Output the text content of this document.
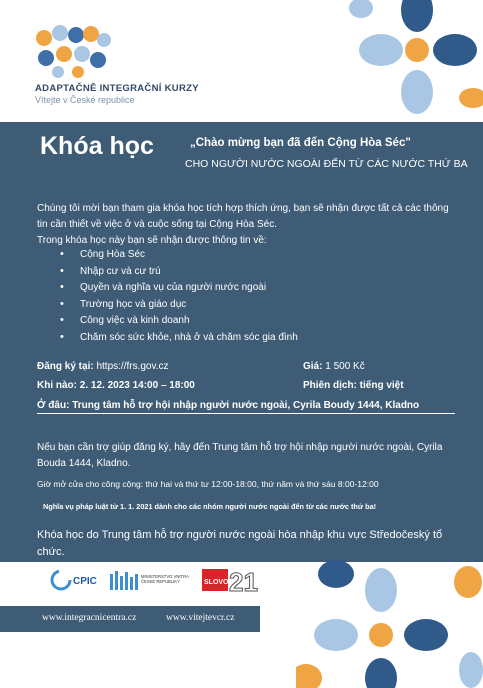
ADAPTAČNĚ INTEGRAČNÍ KURZY
Vítejte v České republice
Khóa học	„Chào mừng bạn đã đến Cộng Hòa Séc"
CHO NGƯỜI NƯỚC NGOÀI ĐẾN TỪ CÁC NƯỚC THỨ BA
Chúng tôi mời bạn tham gia khóa học tích hợp thích ứng, bạn sẽ nhận được tất cả các thông tin cần thiết về việc ở và cuộc sống tại Cộng Hòa Séc.
Trong khóa học này bạn sẽ nhận được thông tin về:
• Cộng Hòa Séc
• Nhập cư và cư trú
• Quyền và nghĩa vụ của người nước ngoài
• Trường học và giáo dục
• Công việc và kinh doanh
• Chăm sóc sức khỏe, nhà ở và chăm sóc gia đình
Đăng ký tại: https://frs.gov.cz	Giá: 1 500 Kč
Khi nào: 2. 12. 2023 14:00 – 18:00	Phiên dịch: tiếng việt
Ở đâu: Trung tâm hỗ trợ hội nhập người nước ngoài, Cyrila Boudy 1444, Kladno
Nếu bạn cần trợ giúp đăng ký, hãy đến Trung tâm hỗ trợ hội nhập người nước ngoài, Cyrila Bouda 1444, Kladno.
Giờ mở cửa cho công cộng: thứ hai và thứ tư 12:00-18:00, thứ năm và thứ sáu 8:00-12:00
Nghĩa vụ pháp luật từ 1. 1. 2021 dành cho các nhóm người nước ngoài đến từ các nước thứ ba!
Khóa học do Trung tâm hỗ trợ người nước ngoài hòa nhập khu vực Středočeský tổ chức.
CPIC	MINISTERSTVO VNITRA ČESKÉ REPUBLIKY	SLOVO 21
www.integracnicentra.cz	www.vitejtevcr.cz
